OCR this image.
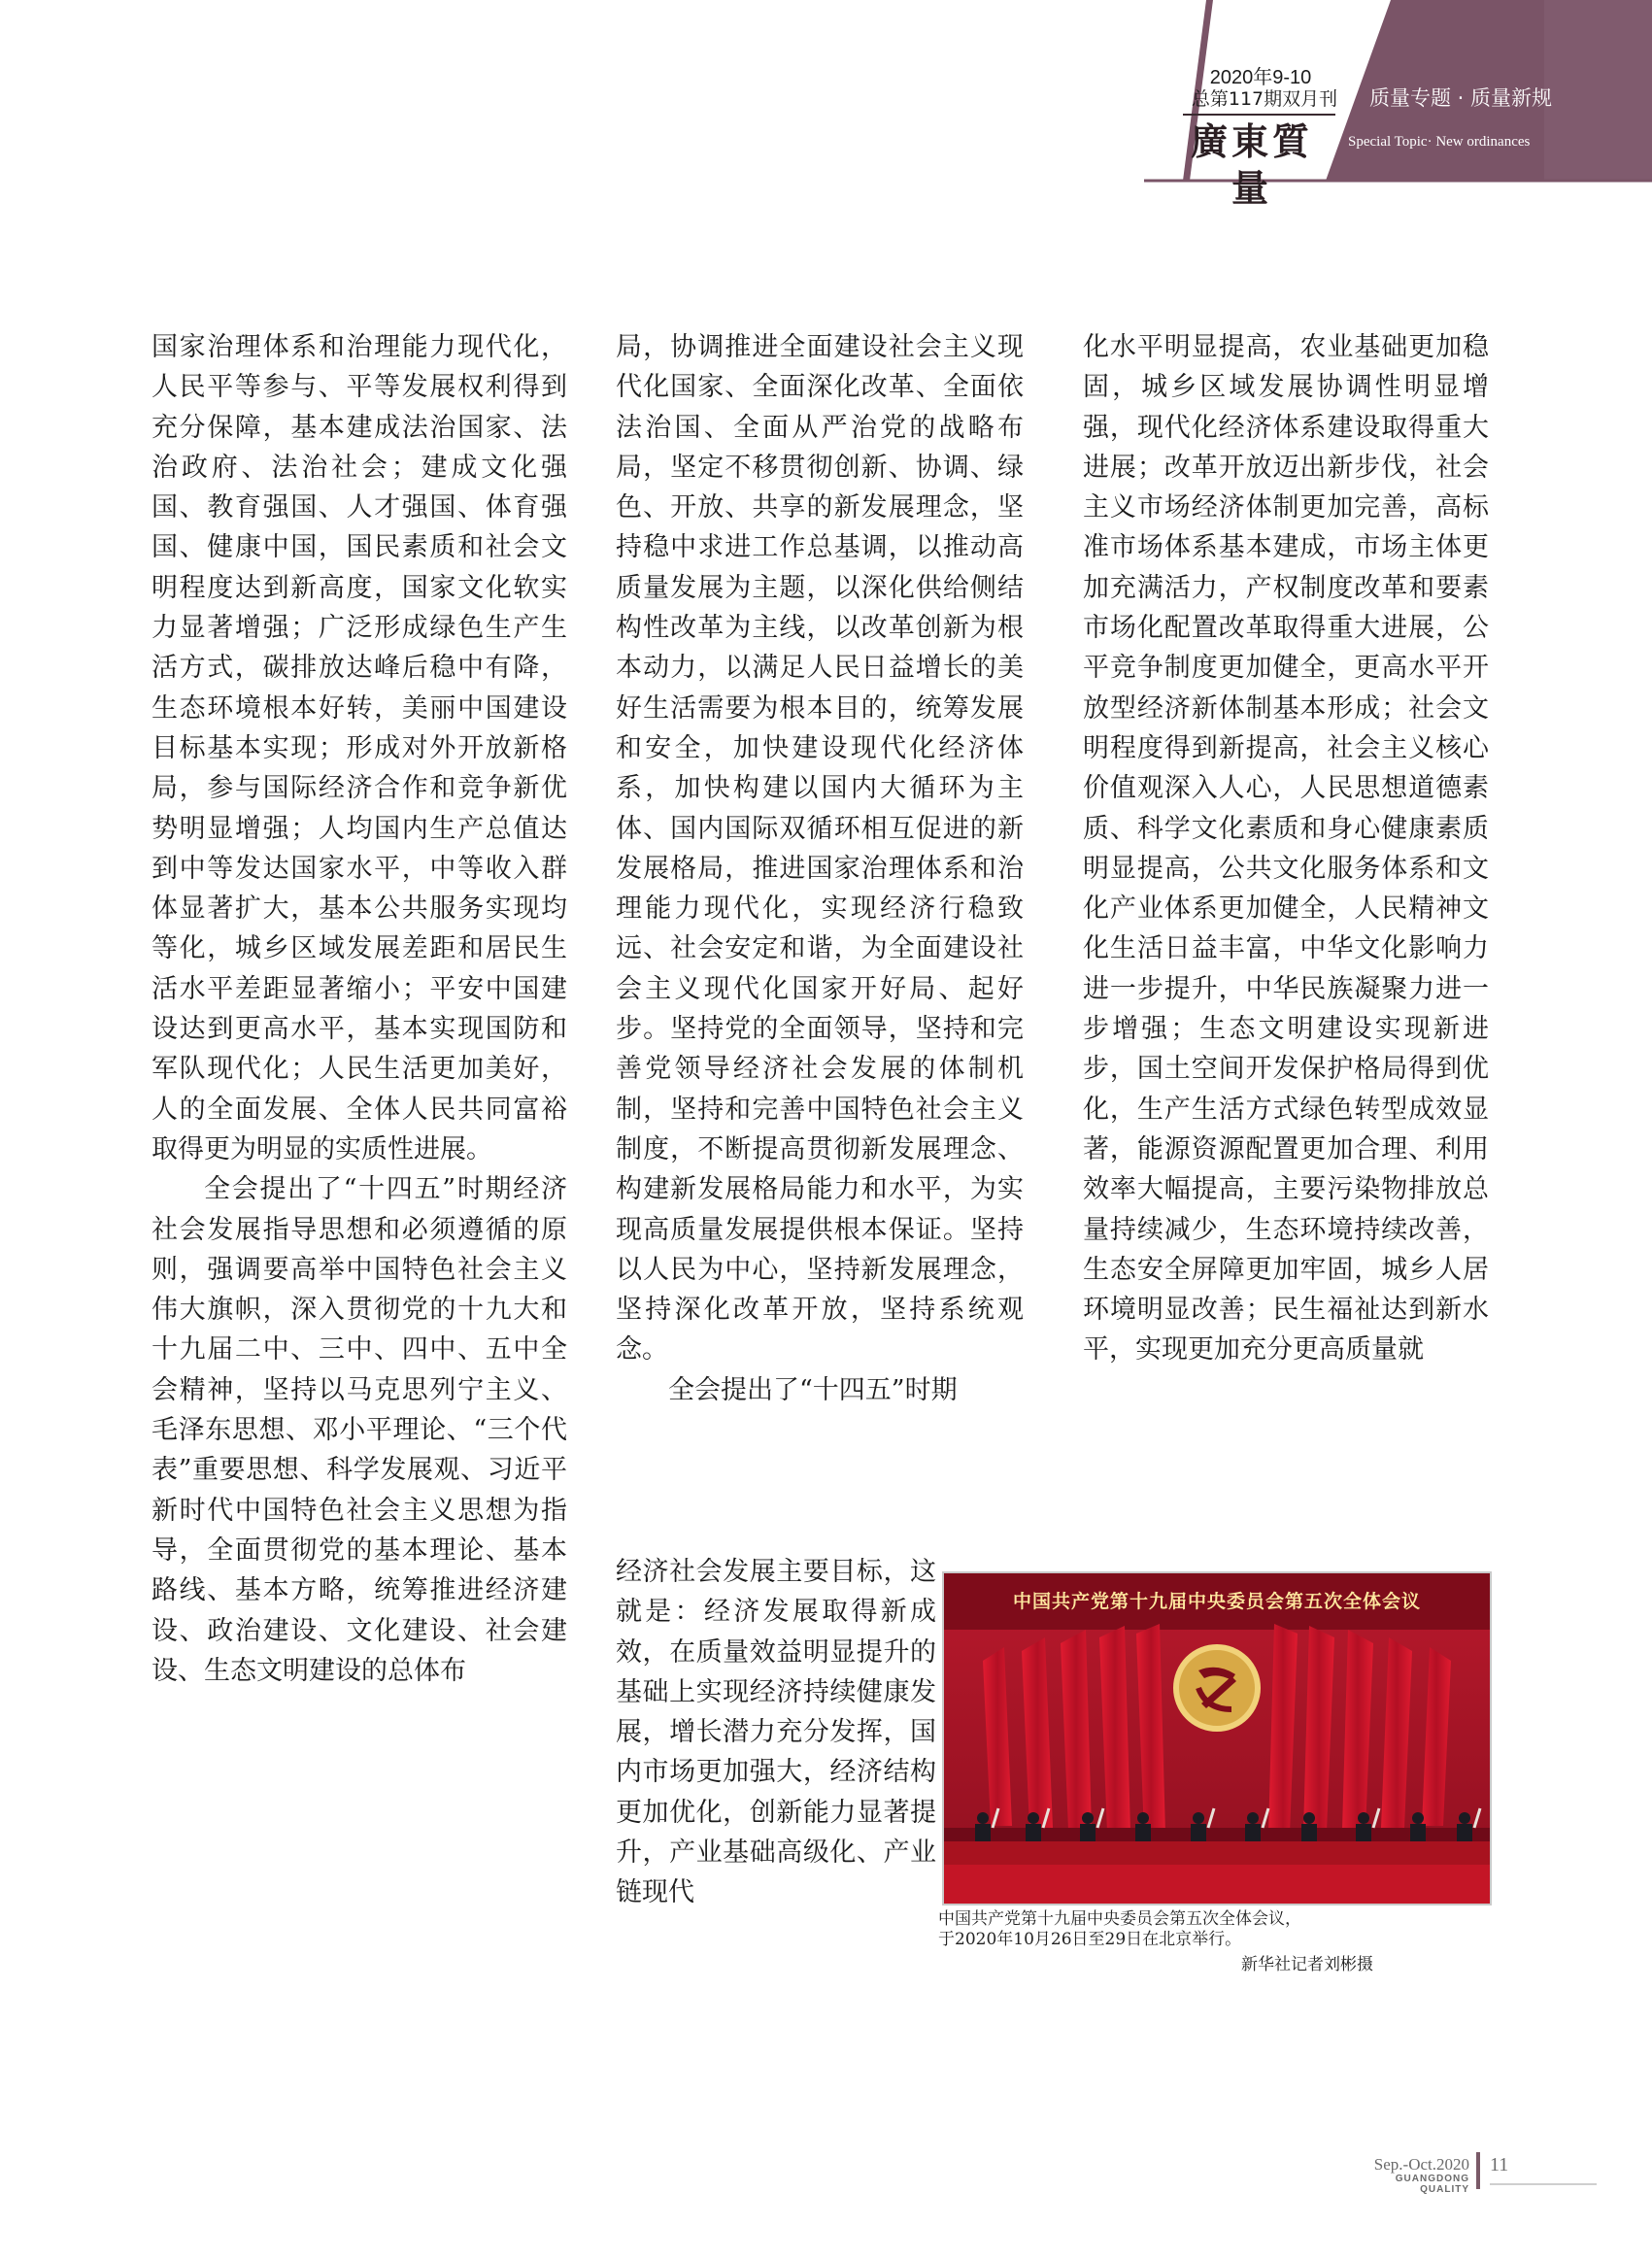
2020年9-10
总第117期双月刊
廣東質量
质量专题 · 质量新规
Special Topic· New ordinances

国家治理体系和治理能力现代化，人民平等参与、平等发展权利得到充分保障，基本建成法治国家、法治政府、法治社会；建成文化强国、教育强国、人才强国、体育强国、健康中国，国民素质和社会文明程度达到新高度，国家文化软实力显著增强；广泛形成绿色生产生活方式，碳排放达峰后稳中有降，生态环境根本好转，美丽中国建设目标基本实现；形成对外开放新格局，参与国际经济合作和竞争新优势明显增强；人均国内生产总值达到中等发达国家水平，中等收入群体显著扩大，基本公共服务实现均等化，城乡区域发展差距和居民生活水平差距显著缩小；平安中国建设达到更高水平，基本实现国防和军队现代化；人民生活更加美好，人的全面发展、全体人民共同富裕取得更为明显的实质性进展。

全会提出了“十四五”时期经济社会发展指导思想和必须遵循的原则，强调要高举中国特色社会主义伟大旗帜，深入贯彻党的十九大和十九届二中、三中、四中、五中全会精神，坚持以马克思列宁主义、毛泽东思想、邓小平理论、“三个代表”重要思想、科学发展观、习近平新时代中国特色社会主义思想为指导，全面贯彻党的基本理论、基本路线、基本方略，统筹推进经济建设、政治建设、文化建设、社会建设、生态文明建设的总体布

局，协调推进全面建设社会主义现代化国家、全面深化改革、全面依法治国、全面从严治党的战略布局，坚定不移贯彻创新、协调、绿色、开放、共享的新发展理念，坚持稳中求进工作总基调，以推动高质量发展为主题，以深化供给侧结构性改革为主线，以改革创新为根本动力，以满足人民日益增长的美好生活需要为根本目的，统筹发展和安全，加快建设现代化经济体系，加快构建以国内大循环为主体、国内国际双循环相互促进的新发展格局，推进国家治理体系和治理能力现代化，实现经济行稳致远、社会安定和谐，为全面建设社会主义现代化国家开好局、起好步。坚持党的全面领导，坚持和完善党领导经济社会发展的体制机制，坚持和完善中国特色社会主义制度，不断提高贯彻新发展理念、构建新发展格局能力和水平，为实现高质量发展提供根本保证。坚持以人民为中心，坚持新发展理念，坚持深化改革开放，坚持系统观念。

全会提出了“十四五”时期

经济社会发展主要目标，这就是：经济发展取得新成效，在质量效益明显提升的基础上实现经济持续健康发展，增长潜力充分发挥，国内市场更加强大，经济结构更加优化，创新能力显著提升，产业基础高级化、产业链现代

化水平明显提高，农业基础更加稳固，城乡区域发展协调性明显增强，现代化经济体系建设取得重大进展；改革开放迈出新步伐，社会主义市场经济体制更加完善，高标准市场体系基本建成，市场主体更加充满活力，产权制度改革和要素市场化配置改革取得重大进展，公平竞争制度更加健全，更高水平开放型经济新体制基本形成；社会文明程度得到新提高，社会主义核心价值观深入人心，人民思想道德素质、科学文化素质和身心健康素质明显提高，公共文化服务体系和文化产业体系更加健全，人民精神文化生活日益丰富，中华文化影响力进一步提升，中华民族凝聚力进一步增强；生态文明建设实现新进步，国土空间开发保护格局得到优化，生产生活方式绿色转型成效显著，能源资源配置更加合理、利用效率大幅提高，主要污染物排放总量持续减少，生态环境持续改善，生态安全屏障更加牢固，城乡人居环境明显改善；民生福祉达到新水平，实现更加充分更高质量就

中国共产党第十九届中央委员会第五次全体会议

中国共产党第十九届中央委员会第五次全体会议，

于2020年10月26日至29日在北京举行。

新华社记者刘彬摄
Sep.-Oct.2020
GUANGDONG QUALITY
11
